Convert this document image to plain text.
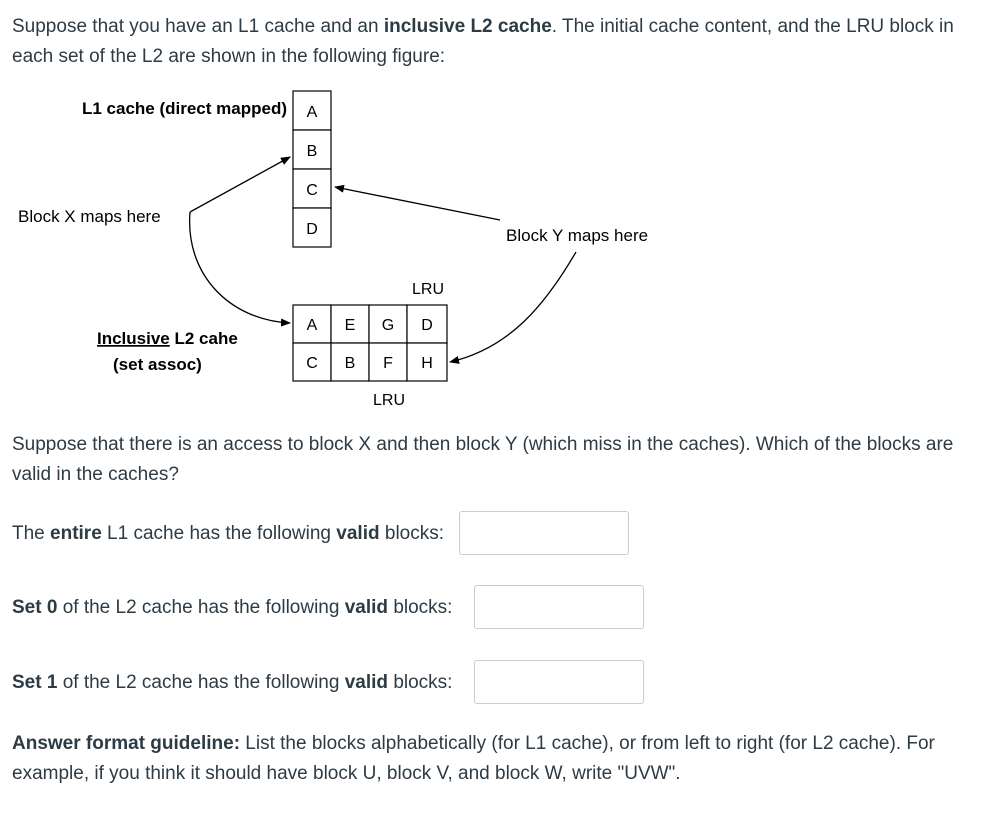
Suppose that you have an L1 cache and an inclusive L2 cache. The initial cache content, and the LRU block in each set of the L2 are shown in the following figure:

L1 cache (direct mapped) A
B
C
D
Block X maps here
Block Y maps here
Inclusive L2 cahe
(set assoc)
LRU
LRU
A E G D
C B F H

Suppose that there is an access to block X and then block Y (which miss in the caches). Which of the blocks are valid in the caches?

The entire L1 cache has the following valid blocks:
Set 0 of the L2 cache has the following valid blocks:
Set 1 of the L2 cache has the following valid blocks:

Answer format guideline: List the blocks alphabetically (for L1 cache), or from left to right (for L2 cache). For example, if you think it should have block U, block V, and block W, write "UVW".
